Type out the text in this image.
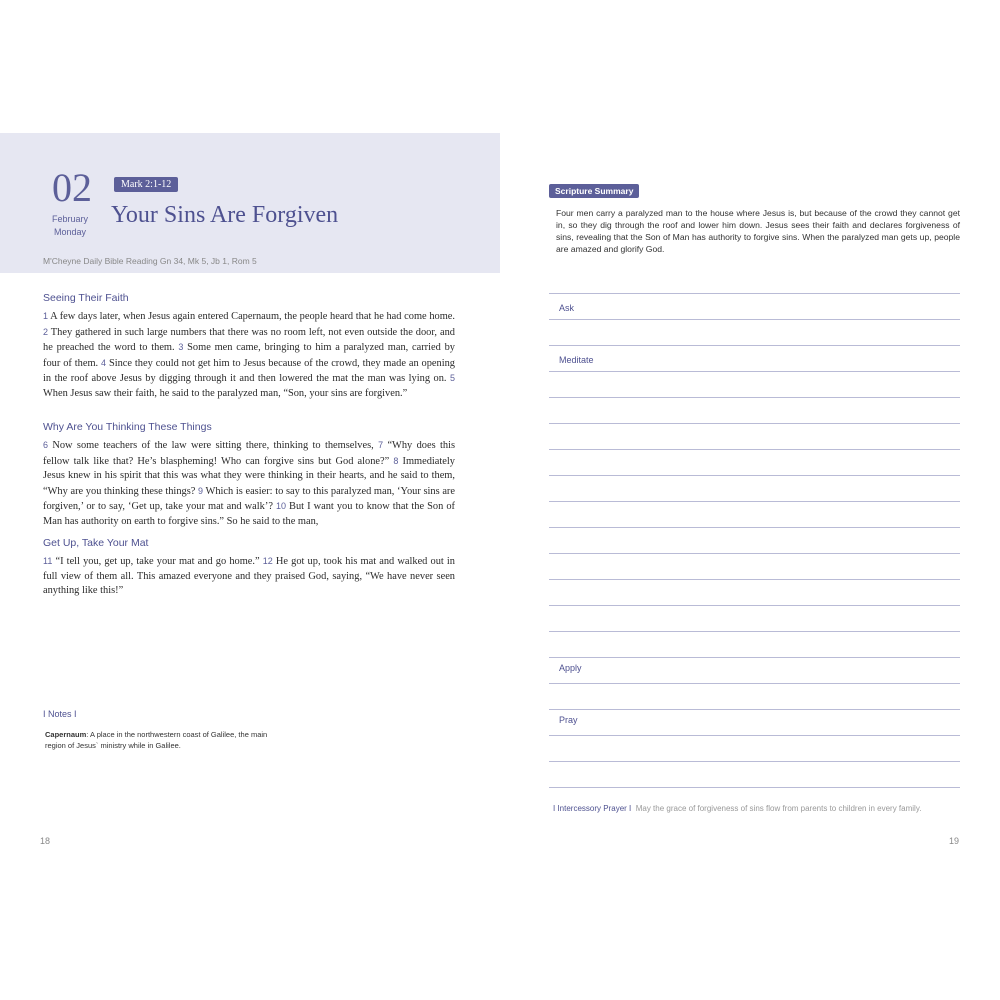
02
February
Monday
Mark 2:1-12
Your Sins Are Forgiven
M'Cheyne Daily Bible Reading Gn 34, Mk 5, Jb 1, Rom 5
Seeing Their Faith
1 A few days later, when Jesus again entered Capernaum, the people heard that he had come home. 2 They gathered in such large numbers that there was no room left, not even outside the door, and he preached the word to them. 3 Some men came, bringing to him a paralyzed man, carried by four of them. 4 Since they could not get him to Jesus because of the crowd, they made an opening in the roof above Jesus by digging through it and then lowered the mat the man was lying on. 5 When Jesus saw their faith, he said to the paralyzed man, “Son, your sins are forgiven.”
Why Are You Thinking These Things
6 Now some teachers of the law were sitting there, thinking to themselves, 7 “Why does this fellow talk like that? He’s blaspheming! Who can forgive sins but God alone?” 8 Immediately Jesus knew in his spirit that this was what they were thinking in their hearts, and he said to them, “Why are you thinking these things? 9 Which is easier: to say to this paralyzed man, ‘Your sins are forgiven,’ or to say, ‘Get up, take your mat and walk’? 10 But I want you to know that the Son of Man has authority on earth to forgive sins.” So he said to the man,
Get Up, Take Your Mat
11 “I tell you, get up, take your mat and go home.” 12 He got up, took his mat and walked out in full view of them all. This amazed everyone and they praised God, saying, “We have never seen anything like this!”
I Notes I
Capernaum: A place in the northwestern coast of Galilee, the main region of Jesus` ministry while in Galilee.
18
Scripture Summary
Four men carry a paralyzed man to the house where Jesus is, but because of the crowd they cannot get in, so they dig through the roof and lower him down. Jesus sees their faith and declares forgiveness of sins, revealing that the Son of Man has authority to forgive sins. When the paralyzed man gets up, people are amazed and glorify God.
Ask
Meditate
Apply
Pray
I Intercessory Prayer I May the grace of forgiveness of sins flow from parents to children in every family.
19
